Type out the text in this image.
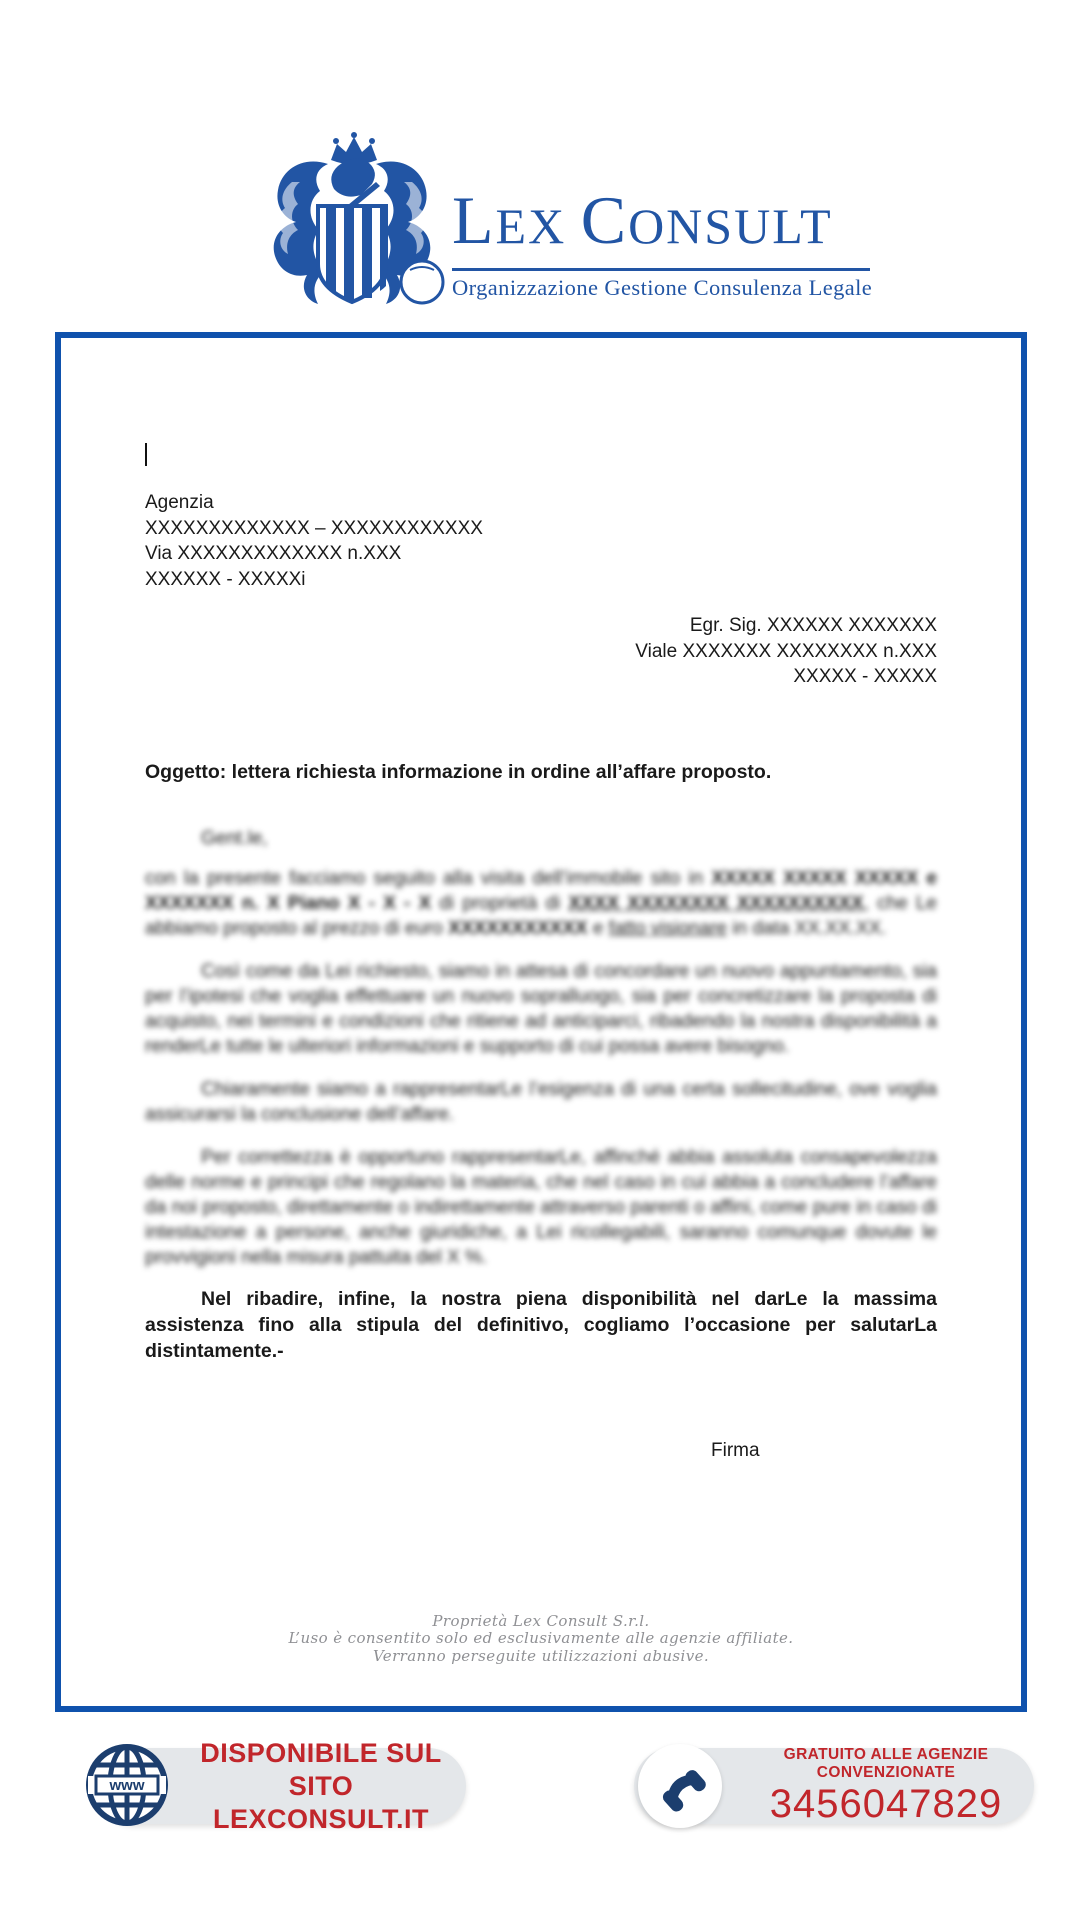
LEX CONSULT
Organizzazione Gestione Consulenza Legale
Agenzia
XXXXXXXXXXXXX – XXXXXXXXXXXX
Via XXXXXXXXXXXXX n.XXX
XXXXXX - XXXXXi
Egr. Sig. XXXXXX XXXXXXX
Viale XXXXXXX XXXXXXXX n.XXX
XXXXX - XXXXX
Oggetto: lettera richiesta informazione in ordine all’affare proposto.
Gent.le,

con la presente facciamo seguito alla visita dell’immobile sito in XXXXX XXXXX XXXXX e XXXXXXX n. X Piano X - X - X di proprietà di XXXX XXXXXXXX XXXXXXXXXX, che Le abbiamo proposto al prezzo di euro XXXXXXXXXXX e fatto visionare in data XX.XX.XX.

Così come da Lei richiesto, siamo in attesa di concordare un nuovo appuntamento, sia per l’ipotesi che voglia effettuare un nuovo sopralluogo, sia per concretizzare la proposta di acquisto, nei termini e condizioni che ritiene ad anticiparci, ribadendo la nostra disponibilità a renderLe tutte le ulteriori informazioni e supporto di cui possa avere bisogno.

Chiaramente siamo a rappresentarLe l’esigenza di una certa sollecitudine, ove voglia assicurarsi la conclusione dell’affare.

Per correttezza è opportuno rappresentarLe, affinché abbia assoluta consapevolezza delle norme e principi che regolano la materia, che nel caso in cui abbia a concludere l’affare da noi proposto, direttamente o indirettamente attraverso parenti o affini, come pure in caso di intestazione a persone, anche giuridiche, a Lei ricollegabili, saranno comunque dovute le provvigioni nella misura pattuita del X %.

Nel ribadire, infine, la nostra piena disponibilità nel darLe la massima assistenza fino alla stipula del definitivo, cogliamo l’occasione per salutarLa distintamente.-

Firma
Proprietà Lex Consult S.r.l.
L’uso è consentito solo ed esclusivamente alle agenzie affiliate.
Verranno perseguite utilizzazioni abusive.
DISPONIBILE SUL SITO
LEXCONSULT.IT
www
GRATUITO ALLE AGENZIE CONVENZIONATE
3456047829
